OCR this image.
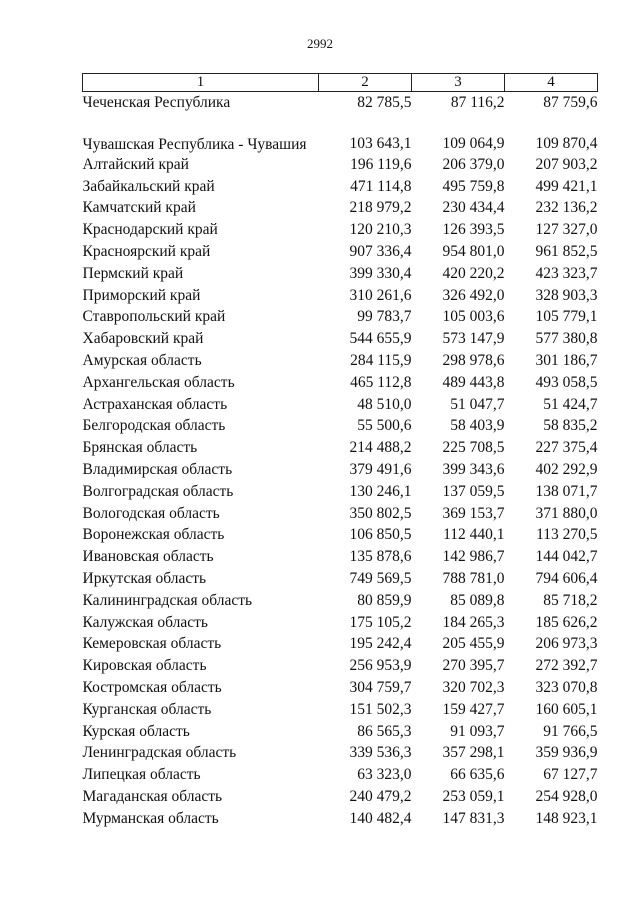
2992
1	2	3	4
Чеченская Республика	82 785,5	87 116,2	87 759,6
Чувашская Республика - Чувашия	103 643,1	109 064,9	109 870,4
Алтайский край	196 119,6	206 379,0	207 903,2
Забайкальский край	471 114,8	495 759,8	499 421,1
Камчатский край	218 979,2	230 434,4	232 136,2
Краснодарский край	120 210,3	126 393,5	127 327,0
Красноярский край	907 336,4	954 801,0	961 852,5
Пермский край	399 330,4	420 220,2	423 323,7
Приморский край	310 261,6	326 492,0	328 903,3
Ставропольский край	99 783,7	105 003,6	105 779,1
Хабаровский край	544 655,9	573 147,9	577 380,8
Амурская область	284 115,9	298 978,6	301 186,7
Архангельская область	465 112,8	489 443,8	493 058,5
Астраханская область	48 510,0	51 047,7	51 424,7
Белгородская область	55 500,6	58 403,9	58 835,2
Брянская область	214 488,2	225 708,5	227 375,4
Владимирская область	379 491,6	399 343,6	402 292,9
Волгоградская область	130 246,1	137 059,5	138 071,7
Вологодская область	350 802,5	369 153,7	371 880,0
Воронежская область	106 850,5	112 440,1	113 270,5
Ивановская область	135 878,6	142 986,7	144 042,7
Иркутская область	749 569,5	788 781,0	794 606,4
Калининградская область	80 859,9	85 089,8	85 718,2
Калужская область	175 105,2	184 265,3	185 626,2
Кемеровская область	195 242,4	205 455,9	206 973,3
Кировская область	256 953,9	270 395,7	272 392,7
Костромская область	304 759,7	320 702,3	323 070,8
Курганская область	151 502,3	159 427,7	160 605,1
Курская область	86 565,3	91 093,7	91 766,5
Ленинградская область	339 536,3	357 298,1	359 936,9
Липецкая область	63 323,0	66 635,6	67 127,7
Магаданская область	240 479,2	253 059,1	254 928,0
Мурманская область	140 482,4	147 831,3	148 923,1
